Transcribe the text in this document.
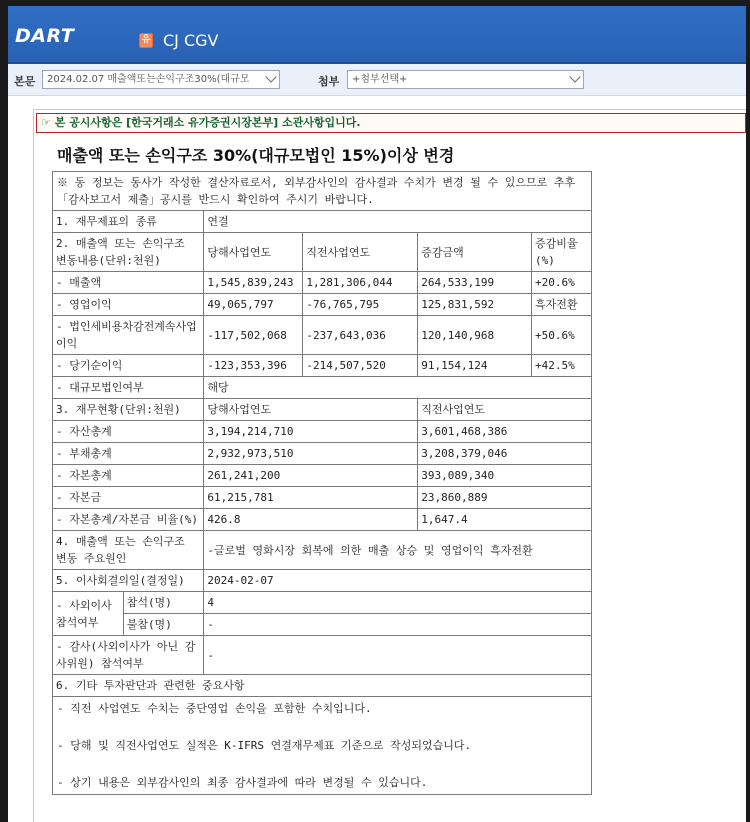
DART	유 CJ CGV
본문	2024.02.07 매출액또는손익구조30%(대규모	첨부	+첨부선택+
☞ 본 공시사항은 [한국거래소 유가증권시장본부] 소관사항입니다.
매출액 또는 손익구조 30%(대규모법인 15%)이상 변경
※ 동 정보는 동사가 작성한 결산자료로서, 외부감사인의 감사결과 수치가 변경 될 수 있으므로 추후 「감사보고서 제출」공시를 반드시 확인하여 주시기 바랍니다.					
1. 재무제표의 종류		연결			
2. 매출액 또는 손익구조 변동내용(단위:천원)		당해사업연도	직전사업연도	증감금액	증감비율(%)
- 매출액		1,545,839,243	1,281,306,044	264,533,199	+20.6%
- 영업이익		49,065,797	-76,765,795	125,831,592	흑자전환
- 법인세비용차감전계속사업이익		-117,502,068	-237,643,036	120,140,968	+50.6%
- 당기순이익		-123,353,396	-214,507,520	91,154,124	+42.5%
- 대규모법인여부		해당			
3. 재무현황(단위:천원)		당해사업연도		직전사업연도	
- 자산총계		3,194,214,710		3,601,468,386	
- 부채총계		2,932,973,510		3,208,379,046	
- 자본총계		261,241,200		393,089,340	
- 자본금		61,215,781		23,860,889	
- 자본총계/자본금 비율(%)		426.8		1,647.4	
4. 매출액 또는 손익구조 변동 주요원인		-글로벌 영화시장 회복에 의한 매출 상승 및 영업이익 흑자전환			
5. 이사회결의일(결정일)		2024-02-07			
- 사외이사 참석여부	참석(명)	4			
	불참(명)	-			
- 감사(사외이사가 아닌 감사위원) 참석여부		-			
6. 기타 투자판단과 관련한 중요사항					

- 직전 사업연도 수치는 중단영업 손익을 포함한 수치입니다.
- 당해 및 직전사업연도 실적은 K-IFRS 연결재무제표 기준으로 작성되었습니다.
- 상기 내용은 외부감사인의 최종 감사결과에 따라 변경될 수 있습니다.					
